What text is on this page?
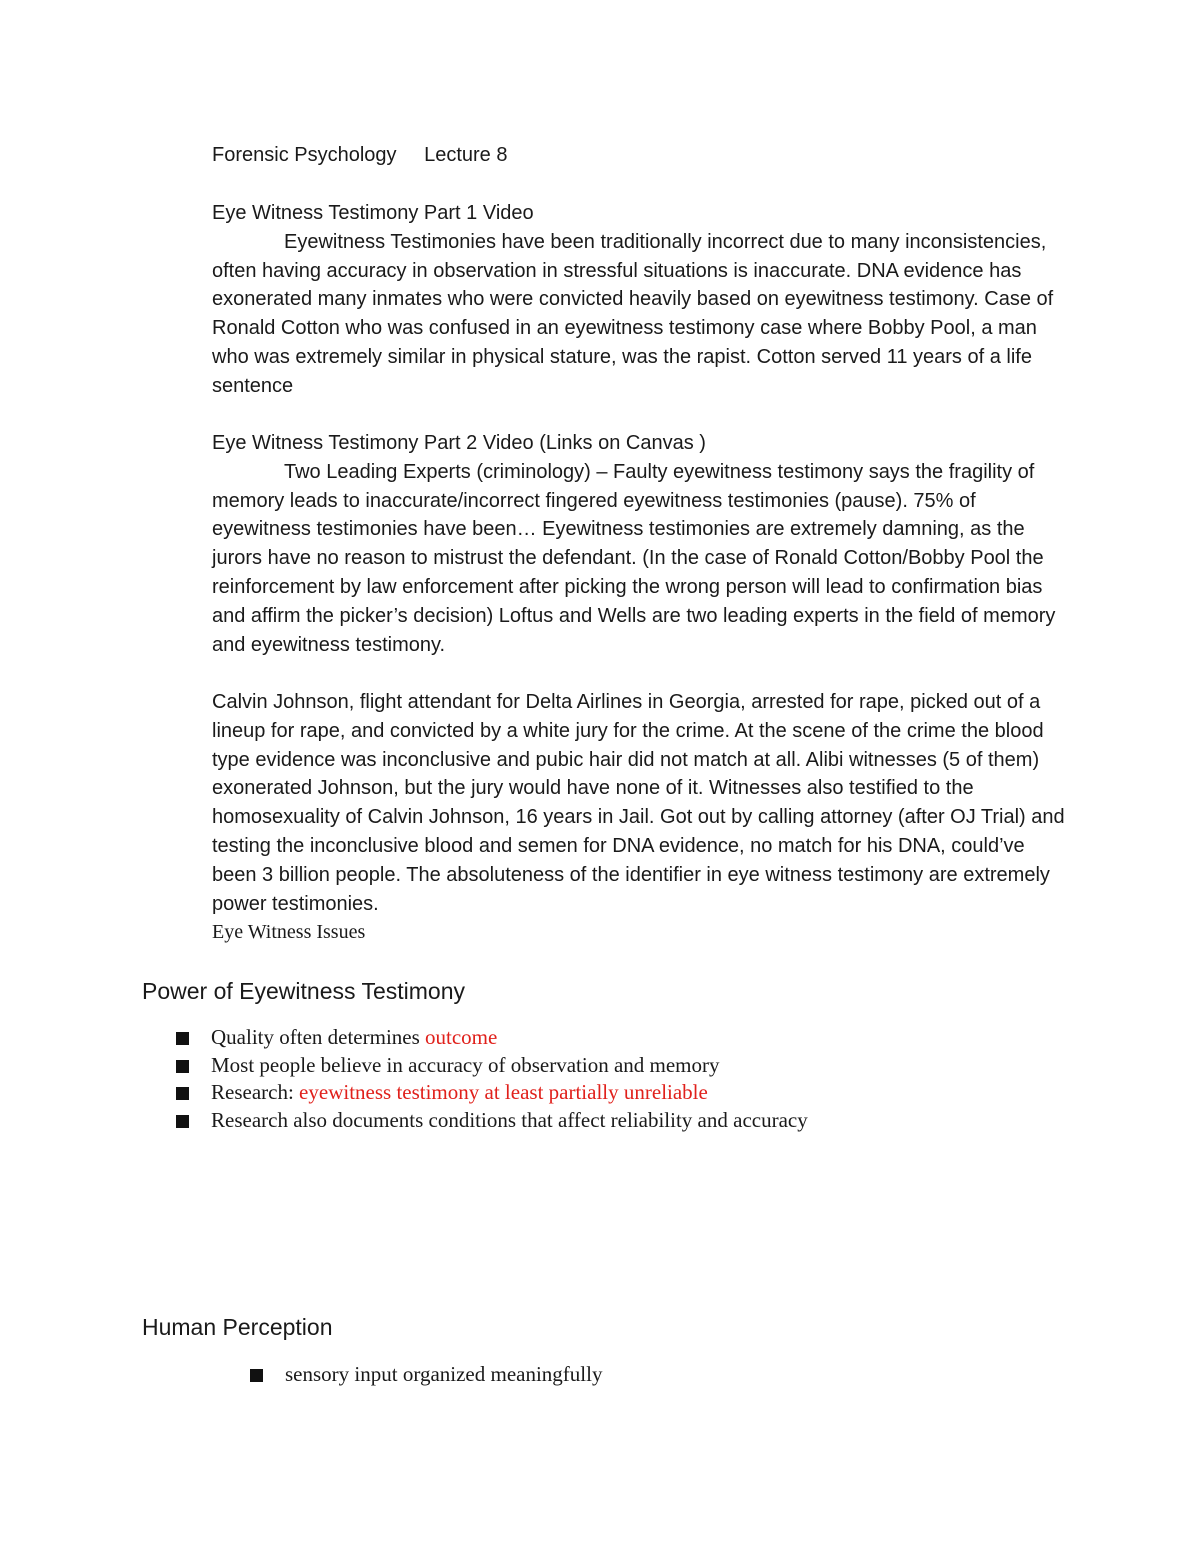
Forensic Psychology Lecture 8
Eye Witness Testimony Part 1 Video

Eyewitness Testimonies have been traditionally incorrect due to many inconsistencies, often having accuracy in observation in stressful situations is inaccurate. DNA evidence has exonerated many inmates who were convicted heavily based on eyewitness testimony. Case of Ronald Cotton who was confused in an eyewitness testimony case where Bobby Pool, a man who was extremely similar in physical stature, was the rapist. Cotton served 11 years of a life sentence

Eye Witness Testimony Part 2 Video (Links on Canvas )

Two Leading Experts (criminology) – Faulty eyewitness testimony says the fragility of memory leads to inaccurate/incorrect fingered eyewitness testimonies (pause). 75% of eyewitness testimonies have been… Eyewitness testimonies are extremely damning, as the jurors have no reason to mistrust the defendant. (In the case of Ronald Cotton/Bobby Pool the reinforcement by law enforcement after picking the wrong person will lead to confirmation bias and affirm the picker’s decision) Loftus and Wells are two leading experts in the field of memory and eyewitness testimony.

Calvin Johnson, flight attendant for Delta Airlines in Georgia, arrested for rape, picked out of a lineup for rape, and convicted by a white jury for the crime. At the scene of the crime the blood type evidence was inconclusive and pubic hair did not match at all. Alibi witnesses (5 of them) exonerated Johnson, but the jury would have none of it. Witnesses also testified to the homosexuality of Calvin Johnson, 16 years in Jail. Got out by calling attorney (after OJ Trial) and testing the inconclusive blood and semen for DNA evidence, no match for his DNA, could’ve been 3 billion people. The absoluteness of the identifier in eye witness testimony are extremely power testimonies.

Eye Witness Issues
Power of Eyewitness Testimony
Quality often determines outcome
Most people believe in accuracy of observation and memory
Research: eyewitness testimony at least partially unreliable
Research also documents conditions that affect reliability and accuracy
Human Perception
sensory input organized meaningfully
